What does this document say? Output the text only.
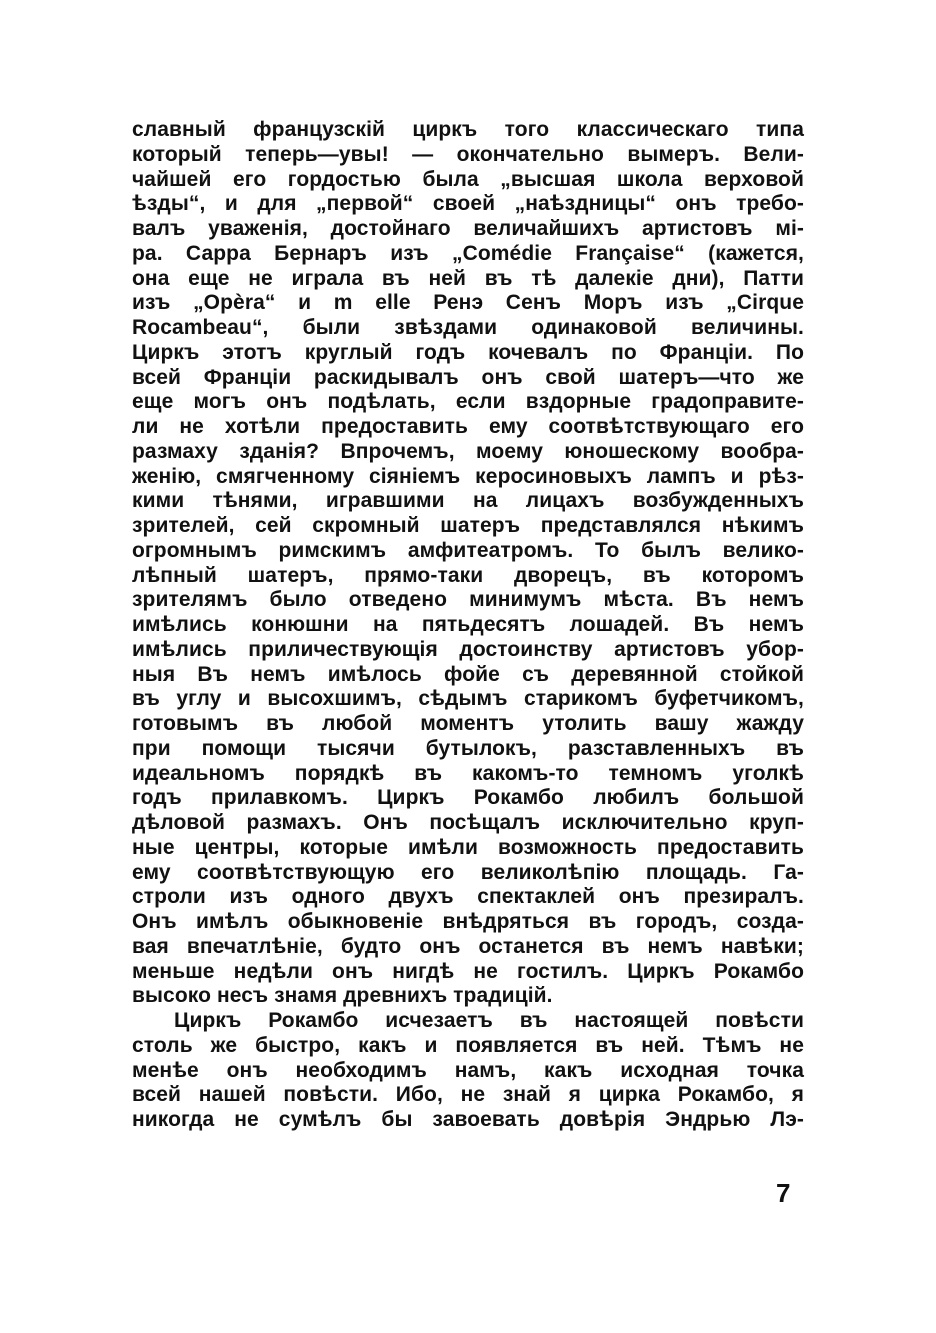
славный французскій циркъ того классическаго типа
который теперь—увы! — окончательно вымеръ. Вели-
чайшей его гордостью была „высшая школа верховой
ѣзды“, и для „первой“ своей „наѣздницы“ онъ требо-
валъ уваженія, достойнаго величайшихъ артистовъ мі-
ра. Сарра Бернаръ изъ „Comédie Française“ (кажется,
она еще не играла въ ней въ тѣ далекіе дни), Патти
изъ „Opèra“ и m elle Ренэ Сенъ Моръ изъ „Cirque
Rocambeau“, были звѣздами одинаковой величины.
Циркъ этотъ круглый годъ кочевалъ по Франціи. По
всей Франціи раскидывалъ онъ свой шатеръ—что же
еще могъ онъ подѣлать, если вздорные градоправите-
ли не хотѣли предоставить ему соотвѣтствующаго его
размаху зданія? Впрочемъ, моему юношескому вообра-
женію, смягченному сіяніемъ керосиновыхъ лампъ и рѣз-
кими тѣнями, игравшими на лицахъ возбужденныхъ
зрителей, сей скромный шатеръ представлялся нѣкимъ
огромнымъ римскимъ амфитеатромъ. То былъ велико-
лѣпный шатеръ, прямо-таки дворецъ, въ которомъ
зрителямъ было отведено минимумъ мѣста. Въ немъ
имѣлись конюшни на пятьдесятъ лошадей. Въ немъ
имѣлись приличествующія достоинству артистовъ убор-
ныя Въ немъ имѣлось фойе съ деревянной стойкой
въ углу и высохшимъ, сѣдымъ старикомъ буфетчикомъ,
готовымъ въ любой моментъ утолить вашу жажду
при помощи тысячи бутылокъ, разставленныхъ въ
идеальномъ порядкѣ въ какомъ-то темномъ уголкѣ
годъ прилавкомъ. Циркъ Рокамбо любилъ большой
дѣловой размахъ. Онъ посѣщалъ исключительно круп-
ные центры, которые имѣли возможность предоставить
ему соотвѣтствующую его великолѣпію площадь. Га-
строли изъ одного двухъ спектаклей онъ презиралъ.
Онъ имѣлъ обыкновеніе внѣдряться въ городъ, созда-
вая впечатлѣніе, будто онъ останется въ немъ навѣки;
меньше недѣли онъ нигдѣ не гостилъ. Циркъ Рокамбо
высоко несъ знамя древнихъ традицій.
Циркъ Рокамбо исчезаетъ въ настоящей повѣсти
столь же быстро, какъ и появляется въ ней. Тѣмъ не
менѣе онъ необходимъ намъ, какъ исходная точка
всей нашей повѣсти. Ибо, не знай я цирка Рокамбо, я
никогда не сумѣлъ бы завоевать довѣрія Эндрью Лэ-
7
